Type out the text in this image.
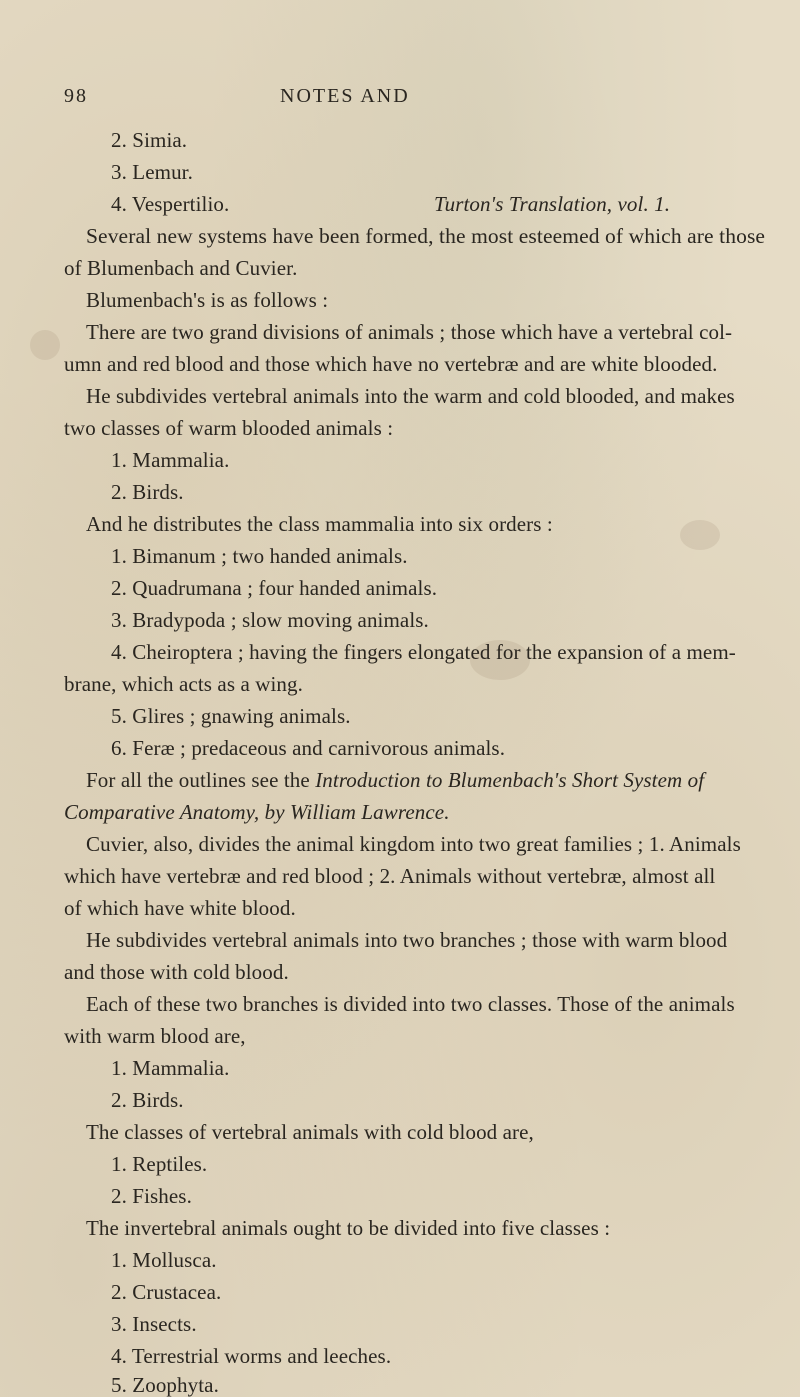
98	NOTES AND
2. Simia.
3. Lemur.
4. Vespertilio.	Turton's Translation, vol. 1.
Several new systems have been formed, the most esteemed of which are those
of Blumenbach and Cuvier.
Blumenbach's is as follows :
There are two grand divisions of animals ; those which have a vertebral col-
umn and red blood and those which have no vertebræ and are white blooded.
He subdivides vertebral animals into the warm and cold blooded, and makes
two classes of warm blooded animals :
1. Mammalia.
2. Birds.
And he distributes the class mammalia into six orders :
1. Bimanum ; two handed animals.
2. Quadrumana ; four handed animals.
3. Bradypoda ; slow moving animals.
4. Cheiroptera ; having the fingers elongated for the expansion of a mem-
brane, which acts as a wing.
5. Glires ; gnawing animals.
6. Feræ ; predaceous and carnivorous animals.
For all the outlines see the Introduction to Blumenbach's Short System of
Comparative Anatomy, by William Lawrence.
Cuvier, also, divides the animal kingdom into two great families ; 1. Animals
which have vertebræ and red blood ; 2. Animals without vertebræ, almost all
of which have white blood.
He subdivides vertebral animals into two branches ; those with warm blood
and those with cold blood.
Each of these two branches is divided into two classes. Those of the animals
with warm blood are,
1. Mammalia.
2. Birds.
The classes of vertebral animals with cold blood are,
1. Reptiles.
2. Fishes.
The invertebral animals ought to be divided into five classes :
1. Mollusca.
2. Crustacea.
3. Insects.
4. Terrestrial worms and leeches.
5. Zoophyta.
